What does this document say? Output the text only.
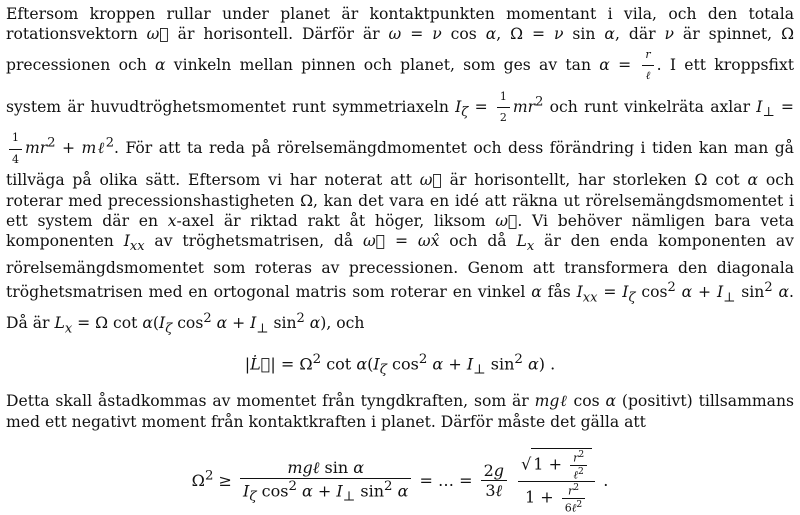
Eftersom kroppen rullar under planet är kontaktpunkten momentant i vila, och den totala rotationsvektorn ω⃗ är horisontell. Därför är ω = ν cos α, Ω = ν sin α, där ν är spinnet, Ω precessionen och α vinkeln mellan pinnen och planet, som ges av $\tan \alpha = \frac{r}{\text{ℓ}}$ . I ett kroppsfixt system är huvudtröghetsmomentet runt symmetriaxeln $I_\zeta = \frac{1}{2} mr^2$ och runt vinkelräta axlar $I_\perp$ =
$\frac{1}{4} mr^2$ + mℓ$^2$. För att ta reda på rörelsemängdmomentet och dess förändring i tiden kan man gå tillväga på olika sätt. Eftersom vi har noterat att ω⃗ är horisontellt, har storleken Ω cot α och roterar med precessionshastigheten Ω, kan det vara en idé att räkna ut rörelsemängdsmomentet i ett system där en x-axel är riktad rakt åt höger, liksom ω⃗. Vi behöver nämligen bara veta komponenten $I_{xx}$ av tröghetsmatrisen, då ω⃗ = ωx̂ och då $L_x$ är den enda komponenten av rörelsemängdsmomentet som roteras av precessionen. Genom att transformera den diagonala tröghetsmatrisen med en ortogonal matris som roterar en vinkel α fås $I_{xx} = I_\zeta$ $\cos^2 \alpha + I_\perp$ $\sin^2 \alpha$. Då är $L_x = \Omega$ $\cot \alpha(I_\zeta$ $\cos^2 \alpha + I_\perp$ $\sin^2 \alpha$), och

|L̇⃗| = $\Omega^2$ $\cot \alpha(I_\zeta$ $\cos^2 \alpha + I_\perp$ $\sin^2 \alpha$) .

Detta skall åstadkommas av momentet från tyngdkraften, som är mgℓ cos α (positivt) tillsammans med ett negativt moment från kontaktkraften i planet. Därför måste det gälla att

$\Omega^2 \ge \frac{\text{mgℓ sin α}}{I_\zeta \cos^2 \alpha + I_\perp \sin^2 \alpha}$ = … = $\frac{2g}{\text{3ℓ}}$
$\frac{√ 1 + \frac{r^2}{\ell^2}}{1 + \frac{r^2}{6\ell^2}}$ .
